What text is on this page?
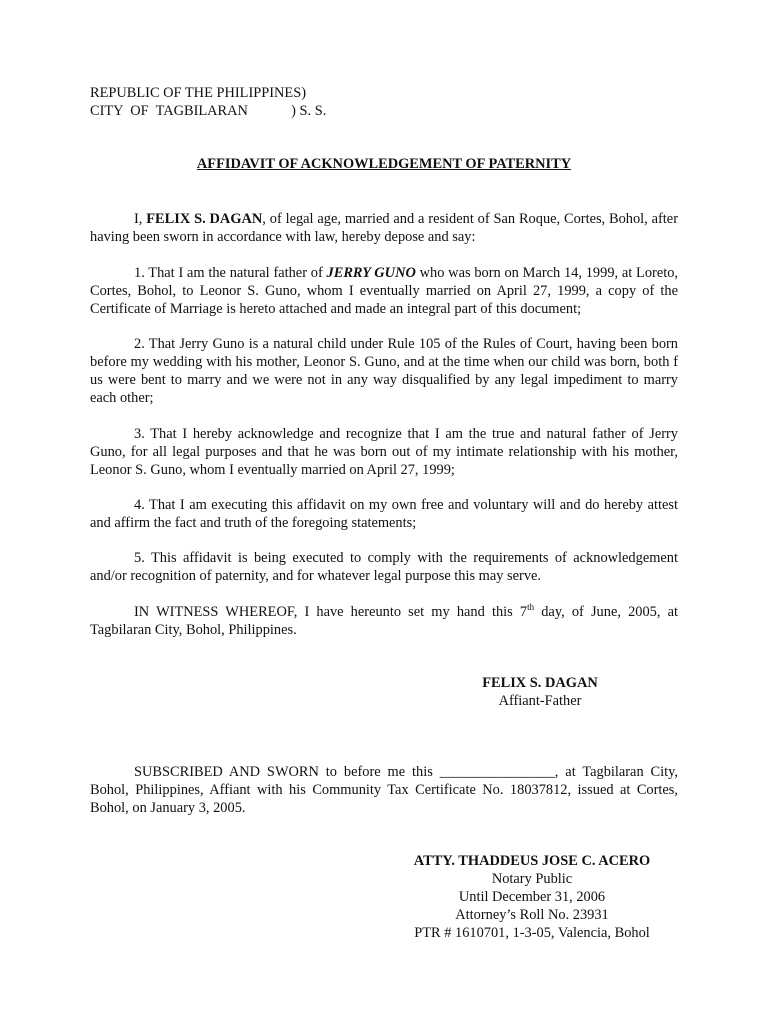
REPUBLIC OF THE PHILIPPINES)
CITY  OF  TAGBILARAN            ) S. S.
AFFIDAVIT OF ACKNOWLEDGEMENT OF PATERNITY

I, FELIX S. DAGAN, of legal age, married and a resident of San Roque, Cortes, Bohol, after having been sworn in accordance with law, hereby depose and say:

1. That I am the natural father of JERRY GUNO who was born on March 14, 1999, at Loreto, Cortes, Bohol, to Leonor S. Guno, whom I eventually married on April 27, 1999, a copy of the Certificate of Marriage is hereto attached and made an integral part of this document;

2. That Jerry Guno is a natural child under Rule 105 of the Rules of Court, having been born before my wedding with his mother, Leonor S. Guno, and at the time when our child was born, both f us were bent to marry and we were not in any way disqualified by any legal impediment to marry each other;

3. That I hereby acknowledge and recognize that I am the true and natural father of Jerry Guno, for all legal purposes and that he was born out of my intimate relationship with his mother, Leonor S. Guno, whom I eventually married on April 27, 1999;

4. That I am executing this affidavit on my own free and voluntary will and do hereby attest and affirm the fact and truth of the foregoing statements;

5. This affidavit is being executed to comply with the requirements of acknowledgement and/or recognition of paternity, and for whatever legal purpose this may serve.

IN WITNESS WHEREOF, I have hereunto set my hand this 7th day, of June, 2005, at Tagbilaran City, Bohol, Philippines.

FELIX S. DAGAN
Affiant-Father

SUBSCRIBED AND SWORN to before me this ________________, at Tagbilaran City, Bohol, Philippines, Affiant with his Community Tax Certificate No. 18037812, issued at Cortes, Bohol, on January 3, 2005.

ATTY. THADDEUS JOSE C. ACERO
Notary Public
Until December 31, 2006
Attorney’s Roll No. 23931
PTR # 1610701, 1-3-05, Valencia, Bohol
